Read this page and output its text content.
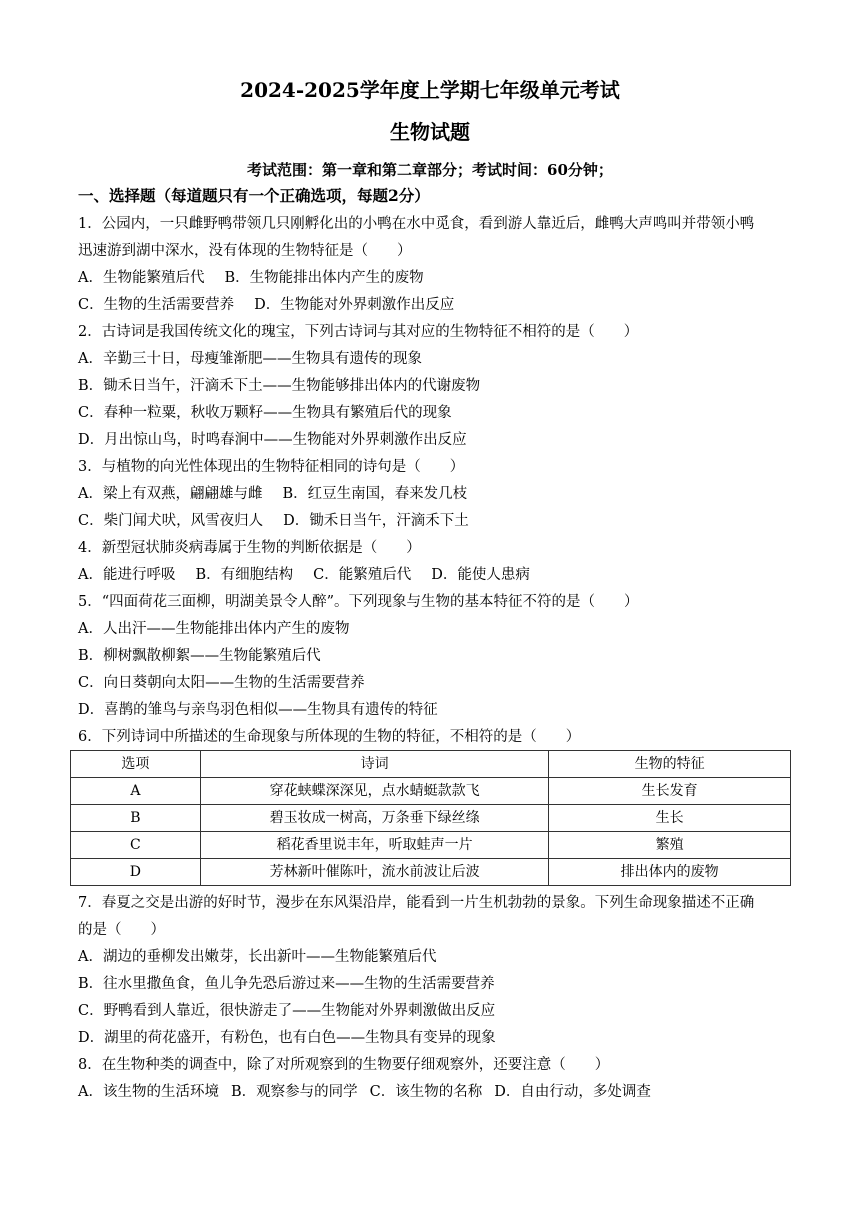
2024-2025学年度上学期七年级单元考试
生物试题
考试范围：第一章和第二章部分；考试时间：60分钟；
一、选择题（每道题只有一个正确选项，每题2分）
1．公园内，一只雌野鸭带领几只刚孵化出的小鸭在水中觅食，看到游人靠近后，雌鸭大声鸣叫并带领小鸭
迅速游到湖中深水，没有体现的生物特征是（　　）
A．生物能繁殖后代 B．生物能排出体内产生的废物
C．生物的生活需要营养 D．生物能对外界刺激作出反应
2．古诗词是我国传统文化的瑰宝，下列古诗词与其对应的生物特征不相符的是（　　）
A．辛勤三十日，母瘦雏渐肥——生物具有遗传的现象
B．锄禾日当午，汗滴禾下土——生物能够排出体内的代谢废物
C．春种一粒粟，秋收万颗籽——生物具有繁殖后代的现象
D．月出惊山鸟，时鸣春涧中——生物能对外界刺激作出反应
3．与植物的向光性体现出的生物特征相同的诗句是（　　）
A．梁上有双燕，翩翩雄与雌 B．红豆生南国，春来发几枝
C．柴门闻犬吠，风雪夜归人 D．锄禾日当午，汗滴禾下土
4．新型冠状肺炎病毒属于生物的判断依据是（　　）
A．能进行呼吸 B．有细胞结构 C．能繁殖后代 D．能使人患病
5．“四面荷花三面柳，明湖美景令人醉”。下列现象与生物的基本特征不符的是（　　）
A．人出汗——生物能排出体内产生的废物
B．柳树飘散柳絮——生物能繁殖后代
C．向日葵朝向太阳——生物的生活需要营养
D．喜鹊的雏鸟与亲鸟羽色相似——生物具有遗传的特征
6．下列诗词中所描述的生命现象与所体现的生物的特征，不相符的是（　　）
选项	诗词	生物的特征
A	穿花蛱蝶深深见，点水蜻蜓款款飞	生长发育
B	碧玉妆成一树高，万条垂下绿丝绦	生长
C	稻花香里说丰年，听取蛙声一片	繁殖
D	芳林新叶催陈叶，流水前波让后波	排出体内的废物
7．春夏之交是出游的好时节，漫步在东风渠沿岸，能看到一片生机勃勃的景象。下列生命现象描述不正确
的是（　　）
A．湖边的垂柳发出嫩芽，长出新叶——生物能繁殖后代
B．往水里撒鱼食，鱼儿争先恐后游过来——生物的生活需要营养
C．野鸭看到人靠近，很快游走了——生物能对外界刺激做出反应
D．湖里的荷花盛开，有粉色，也有白色——生物具有变异的现象
8．在生物种类的调查中，除了对所观察到的生物要仔细观察外，还要注意（　　）
A．该生物的生活环境 B．观察参与的同学 C．该生物的名称 D．自由行动，多处调查
